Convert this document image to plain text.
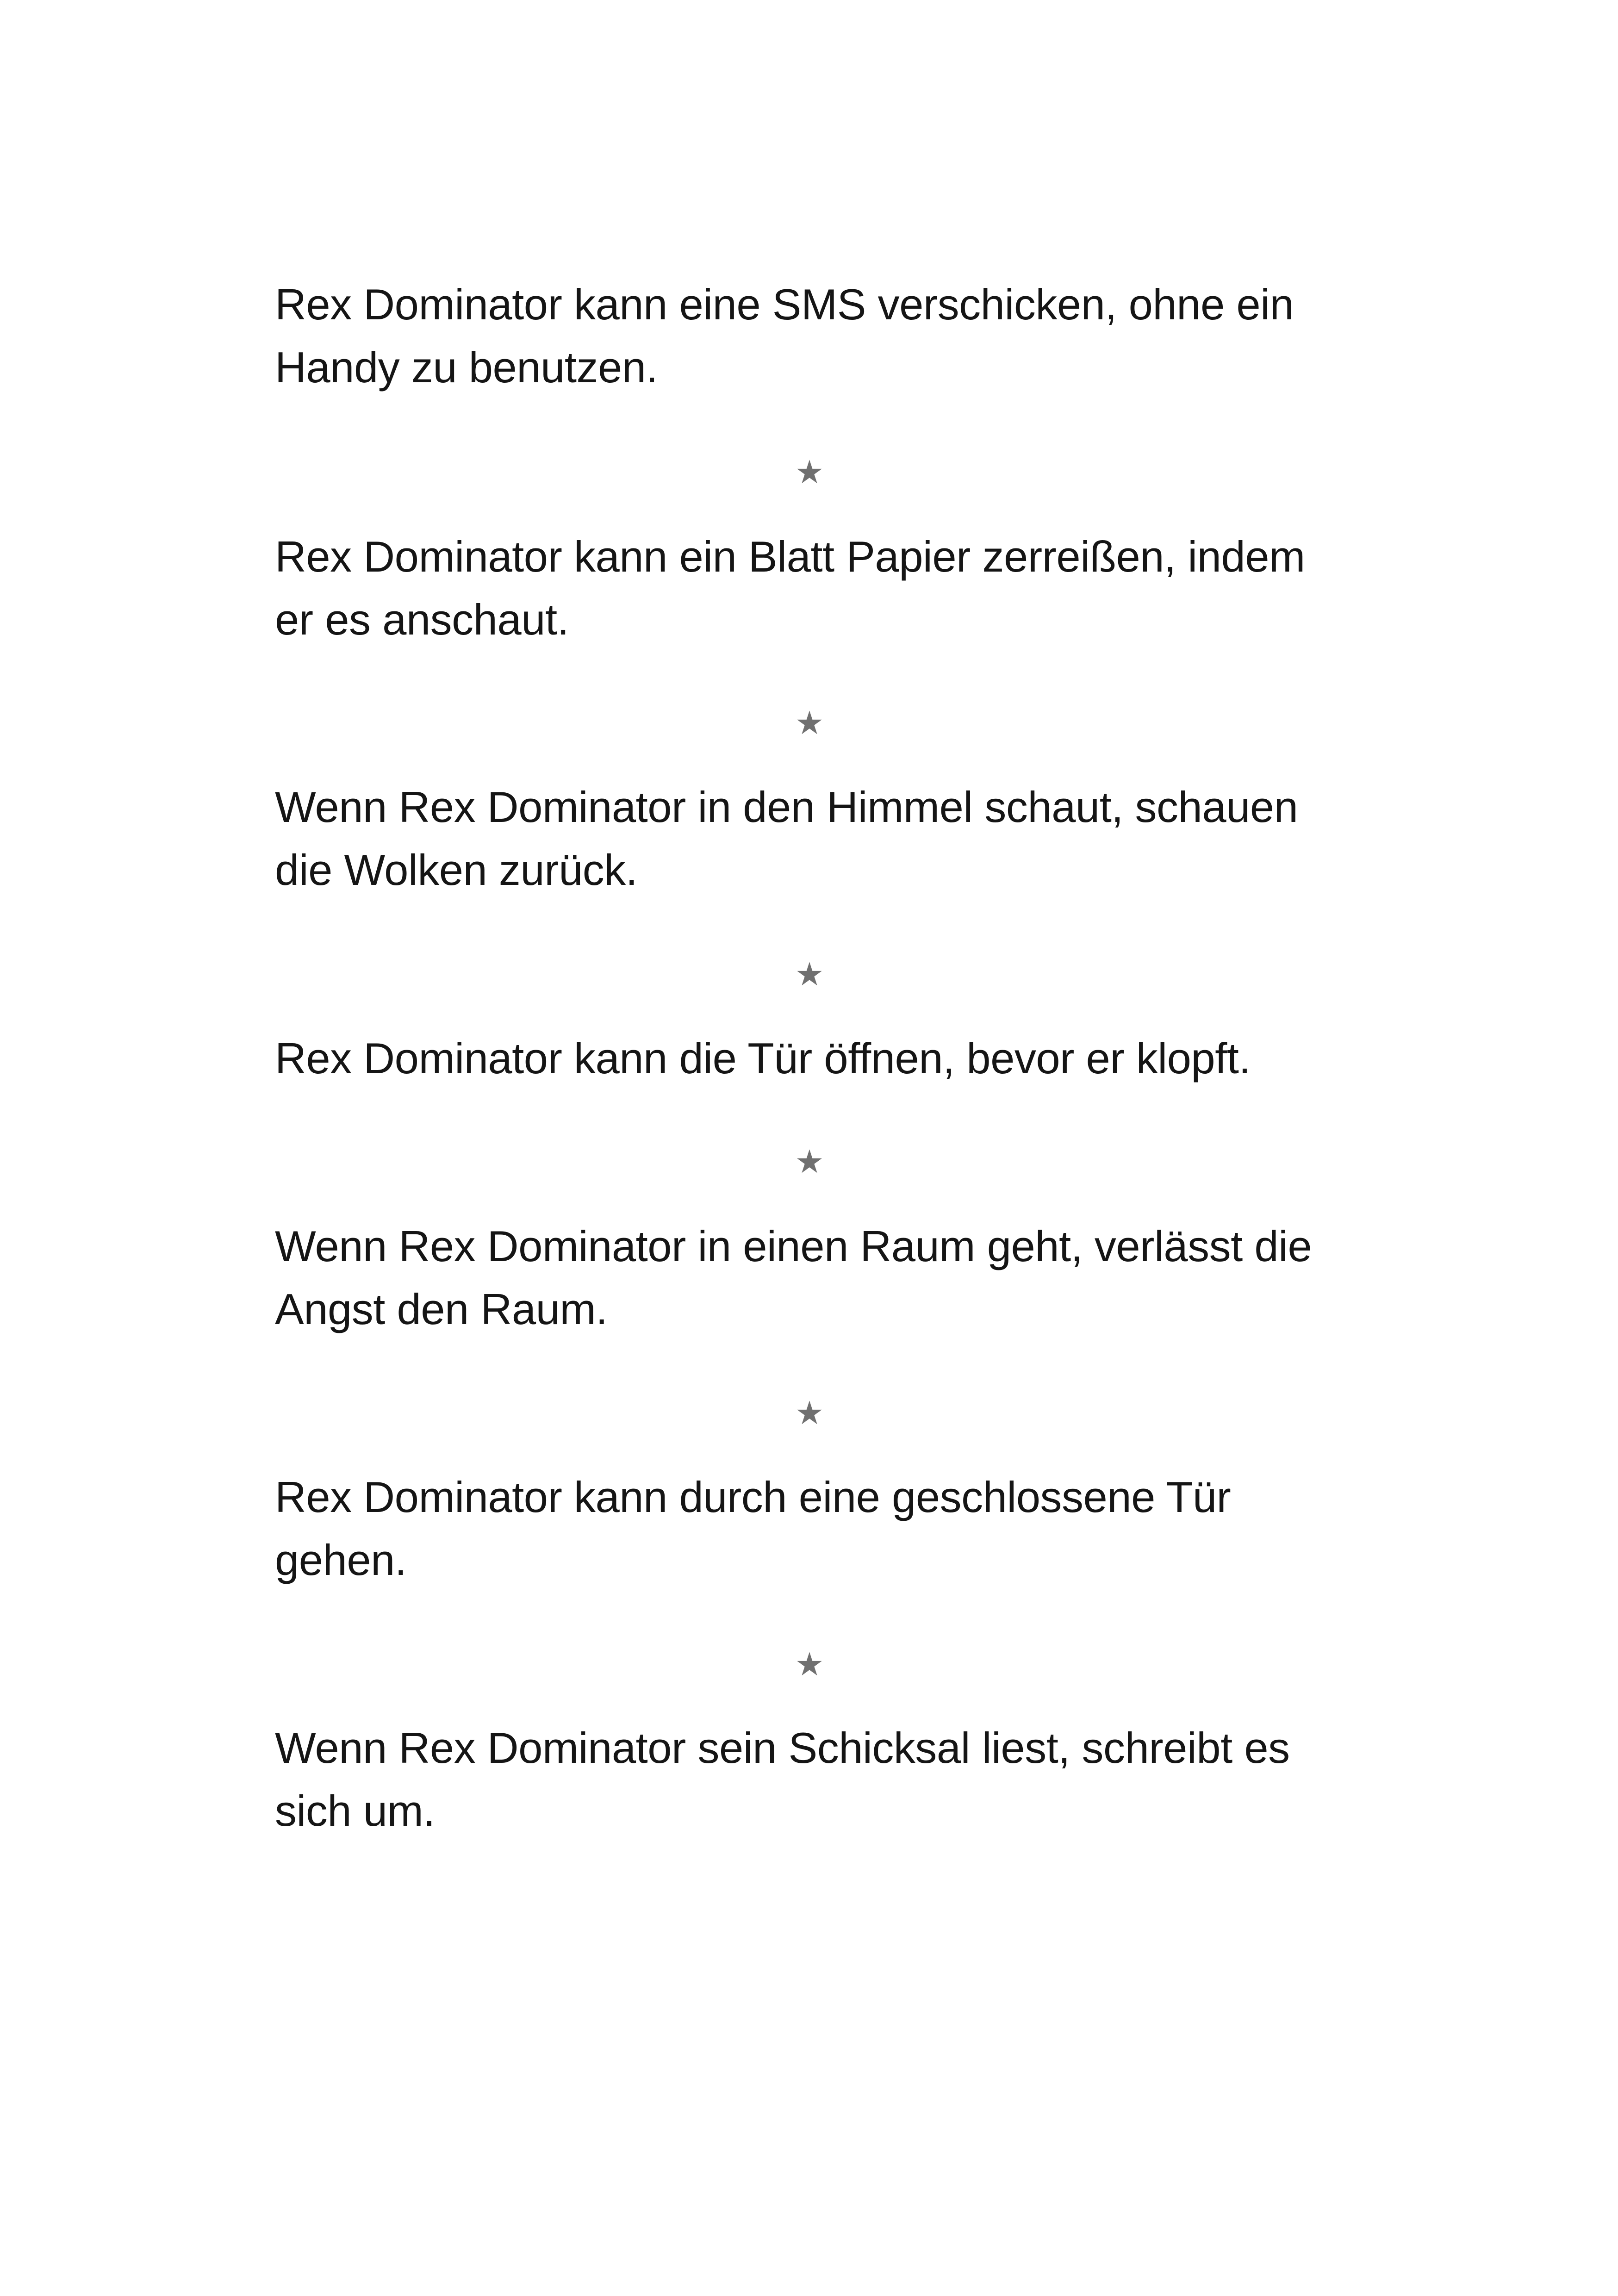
Rex Dominator kann eine SMS verschicken, ohne ein
Handy zu benutzen.

★

Rex Dominator kann ein Blatt Papier zerreißen, indem
er es anschaut.

★

Wenn Rex Dominator in den Himmel schaut, schauen
die Wolken zurück.

★

Rex Dominator kann die Tür öffnen, bevor er klopft.

★

Wenn Rex Dominator in einen Raum geht, verlässt die
Angst den Raum.

★

Rex Dominator kann durch eine geschlossene Tür
gehen.

★

Wenn Rex Dominator sein Schicksal liest, schreibt es
sich um.
